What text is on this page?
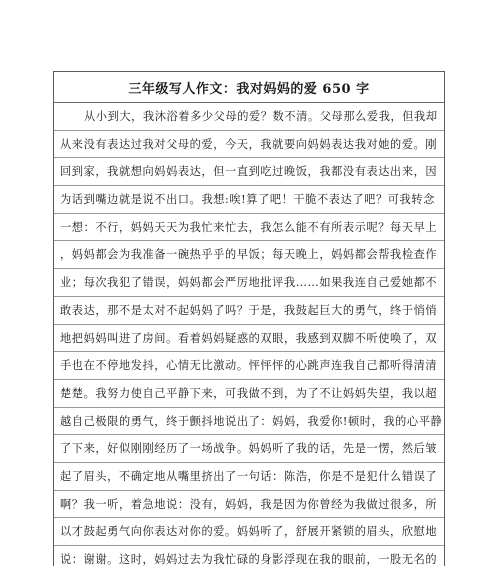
三年级写人作文：我对妈妈的爱 650 字
从小到大，我沐浴着多少父母的爱？数不清。父母那么爱我，但我却
从来没有表达过我对父母的爱，今天，我就要向妈妈表达我对她的爱。刚
回到家，我就想向妈妈表达，但一直到吃过晚饭，我都没有表达出来，因
为话到嘴边就是说不出口。我想:唉!算了吧！干脆不表达了吧？可我转念
一想：不行，妈妈天天为我忙来忙去，我怎么能不有所表示呢？每天早上
，妈妈都会为我准备一碗热乎乎的早饭；每天晚上，妈妈都会帮我检查作
业；每次我犯了错误，妈妈都会严厉地批评我……如果我连自己爱她都不
敢表达，那不是太对不起妈妈了吗？于是，我鼓起巨大的勇气，终于悄悄
地把妈妈叫进了房间。看着妈妈疑惑的双眼，我感到双脚不听使唤了，双
手也在不停地发抖，心情无比激动。怦怦怦的心跳声连我自己都听得清清
楚楚。我努力使自己平静下来，可我做不到，为了不让妈妈失望，我以超
越自己极限的勇气，终于颤抖地说出了：妈妈，我爱你!顿时，我的心平静
了下来，好似刚刚经历了一场战争。妈妈听了我的话，先是一愣，然后皱
起了眉头，不确定地从嘴里挤出了一句话：陈浩，你是不是犯什么错误了
啊？我一听，着急地说：没有，妈妈，我是因为你曾经为我做过很多，所
以才鼓起勇气向你表达对你的爱。妈妈听了，舒展开紧锁的眉头，欣慰地
说：谢谢。这时，妈妈过去为我忙碌的身影浮现在我的眼前，一股无名的
